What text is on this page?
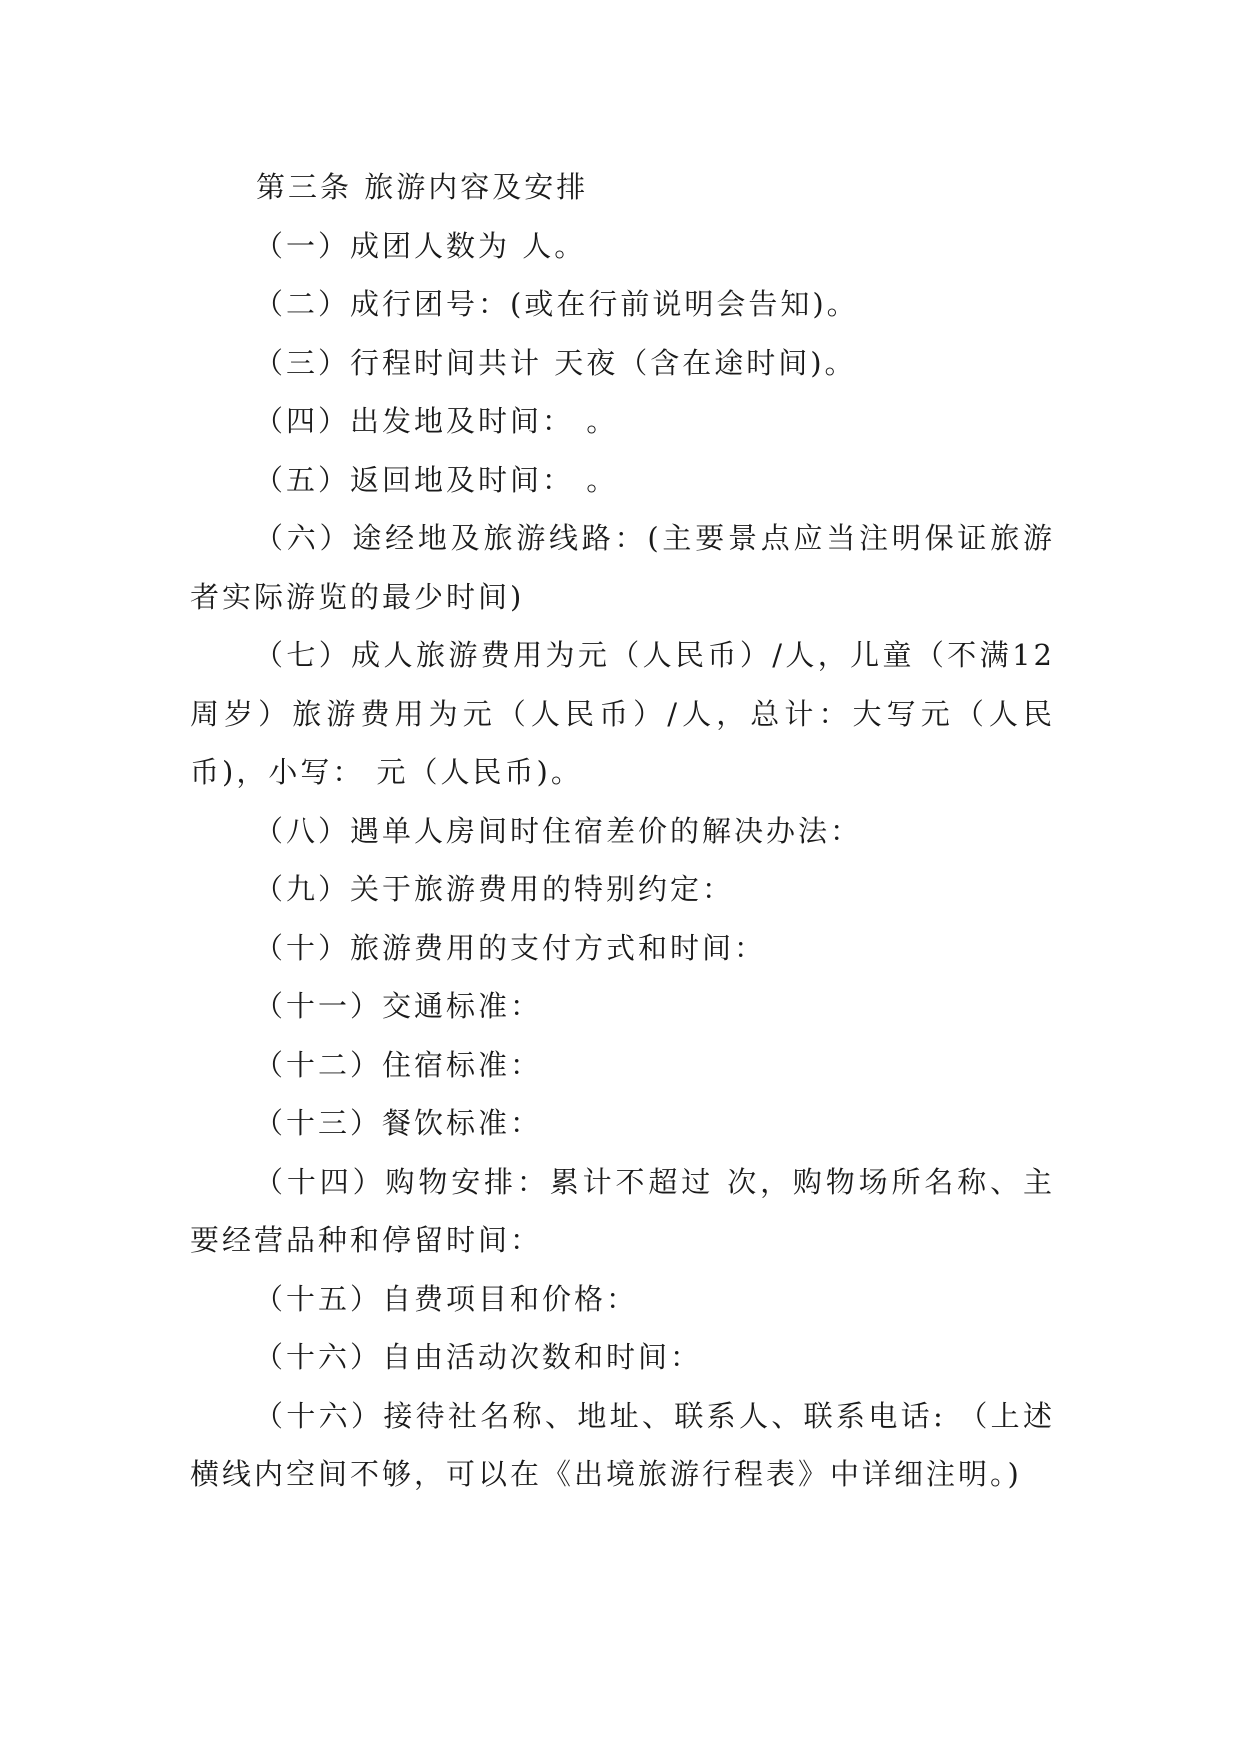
第三条 旅游内容及安排

（一）成团人数为 人。

（二）成行团号：(或在行前说明会告知)。

（三）行程时间共计 天夜（含在途时间)。

（四）出发地及时间： 。

（五）返回地及时间： 。

（六）途经地及旅游线路：(主要景点应当注明保证旅游者实际游览的最少时间)

（七）成人旅游费用为元（人民币）/人，儿童（不满12周岁）旅游费用为元（人民币）/人，总计：大写元（人民币)，小写： 元（人民币)。

（八）遇单人房间时住宿差价的解决办法：

（九）关于旅游费用的特别约定：

（十）旅游费用的支付方式和时间：

（十一）交通标准：

（十二）住宿标准：

（十三）餐饮标准：

（十四）购物安排：累计不超过 次，购物场所名称、主要经营品种和停留时间：

（十五）自费项目和价格：

（十六）自由活动次数和时间：

（十六）接待社名称、地址、联系人、联系电话: （上述横线内空间不够，可以在《出境旅游行程表》中详细注明。)
